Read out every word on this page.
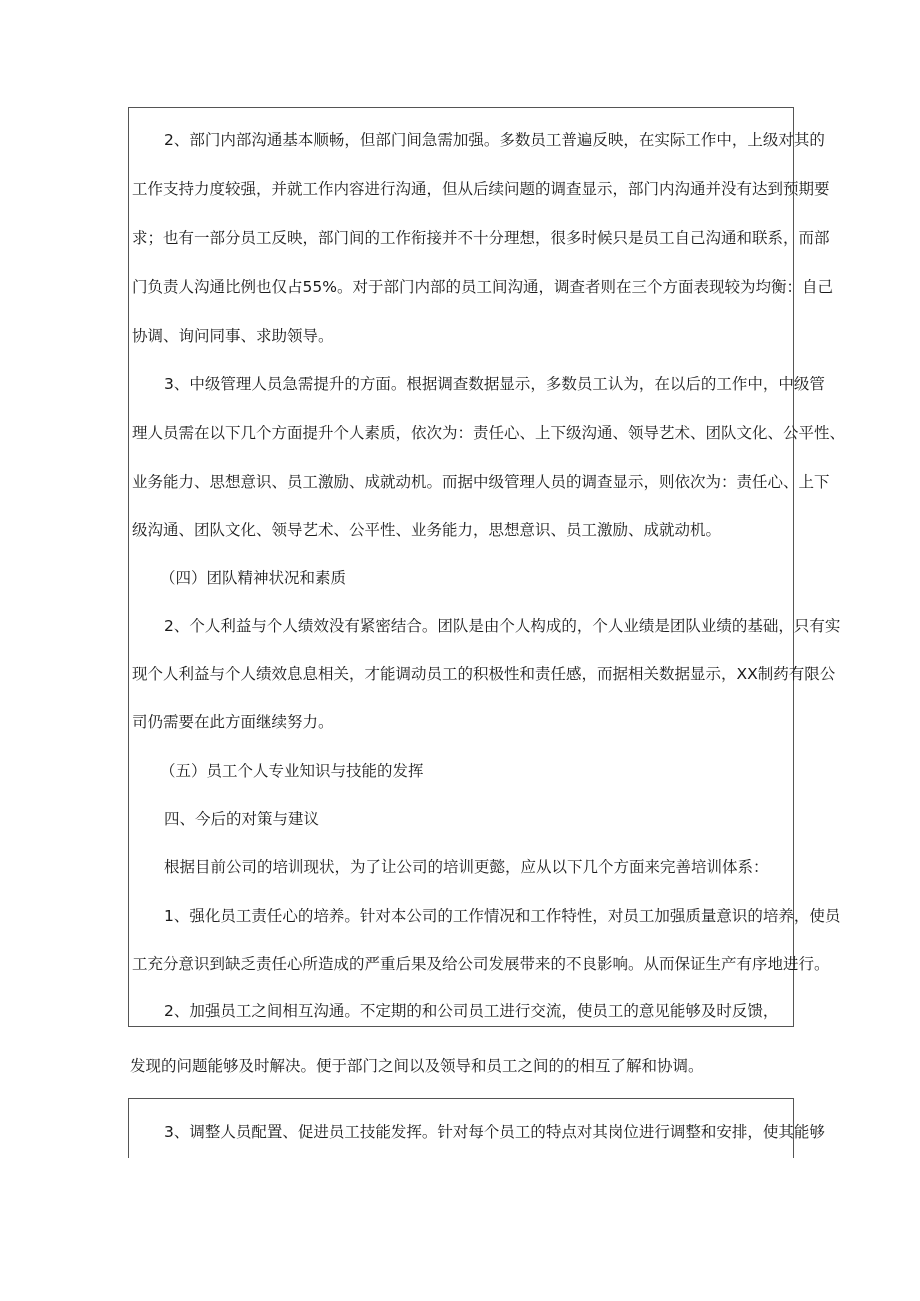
2、部门内部沟通基本顺畅，但部门间急需加强。多数员工普遍反映，在实际工作中，上级对其的
工作支持力度较强，并就工作内容进行沟通，但从后续问题的调查显示，部门内沟通并没有达到预期要
求；也有一部分员工反映，部门间的工作衔接并不十分理想，很多时候只是员工自己沟通和联系，而部
门负责人沟通比例也仅占55%。对于部门内部的员工间沟通，调查者则在三个方面表现较为均衡：自己
协调、询问同事、求助领导。
3、中级管理人员急需提升的方面。根据调查数据显示，多数员工认为，在以后的工作中，中级管
理人员需在以下几个方面提升个人素质，依次为：责任心、上下级沟通、领导艺术、团队文化、公平性、
业务能力、思想意识、员工激励、成就动机。而据中级管理人员的调查显示，则依次为：责任心、上下
级沟通、团队文化、领导艺术、公平性、业务能力，思想意识、员工激励、成就动机。
（四）团队精神状况和素质
2、个人利益与个人绩效没有紧密结合。团队是由个人构成的，个人业绩是团队业绩的基础，只有实
现个人利益与个人绩效息息相关，才能调动员工的积极性和责任感，而据相关数据显示，XX制药有限公
司仍需要在此方面继续努力。
（五）员工个人专业知识与技能的发挥
四、今后的对策与建议
根据目前公司的培训现状，为了让公司的培训更懿，应从以下几个方面来完善培训体系：
1、强化员工责任心的培养。针对本公司的工作情况和工作特性，对员工加强质量意识的培养，使员
工充分意识到缺乏责任心所造成的严重后果及给公司发展带来的不良影响。从而保证生产有序地进行。
2、加强员工之间相互沟通。不定期的和公司员工进行交流，使员工的意见能够及时反馈，
发现的问题能够及时解决。便于部门之间以及领导和员工之间的的相互了解和协调。
3、调整人员配置、促进员工技能发挥。针对每个员工的特点对其岗位进行调整和安排，使其能够
